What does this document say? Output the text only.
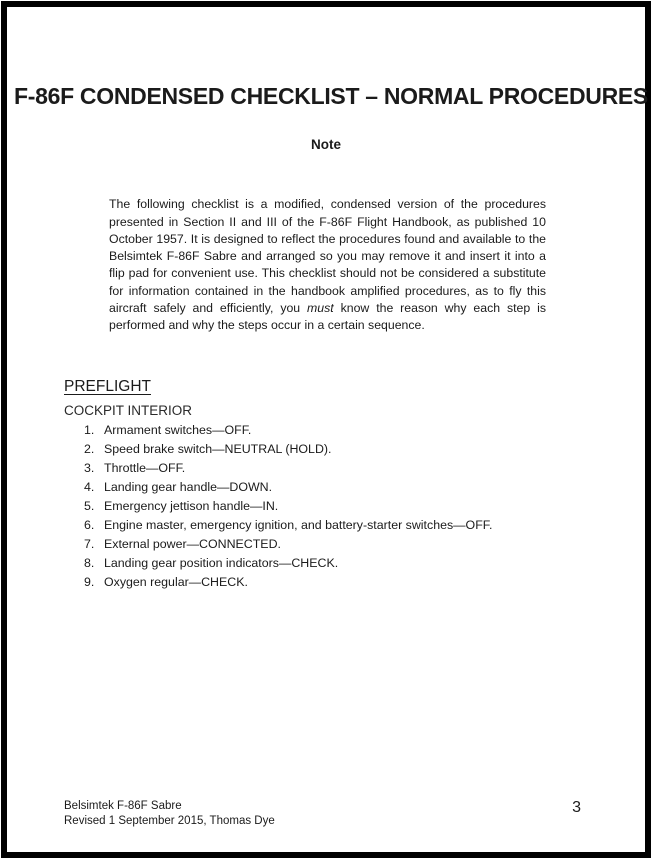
F-86F CONDENSED CHECKLIST – NORMAL PROCEDURES
Note

The following checklist is a modified, condensed version of the procedures presented in Section II and III of the F-86F Flight Handbook, as published 10 October 1957. It is designed to reflect the procedures found and available to the Belsimtek F-86F Sabre and arranged so you may remove it and insert it into a flip pad for convenient use. This checklist should not be considered a substitute for information contained in the handbook amplified procedures, as to fly this aircraft safely and efficiently, you must know the reason why each step is performed and why the steps occur in a certain sequence.

PREFLIGHT
COCKPIT INTERIOR
Armament switches—OFF.
Speed brake switch—NEUTRAL (HOLD).
Throttle—OFF.
Landing gear handle—DOWN.
Emergency jettison handle—IN.
Engine master, emergency ignition, and battery-starter switches—OFF.
External power—CONNECTED.
Landing gear position indicators—CHECK.
Oxygen regular—CHECK.
Belsimtek F-86F Sabre
Revised 1 September 2015, Thomas Dye
3
